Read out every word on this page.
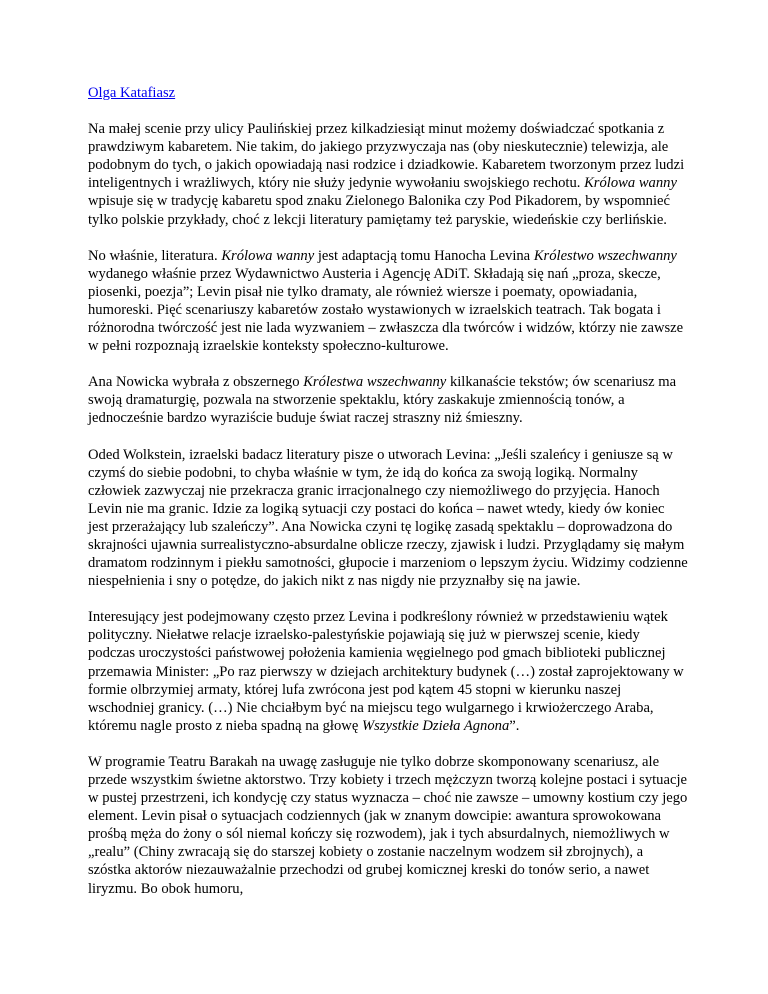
Olga Katafiasz

Na małej scenie przy ulicy Paulińskiej przez kilkadziesiąt minut możemy doświadczać spotkania z prawdziwym kabaretem. Nie takim, do jakiego przyzwyczaja nas (oby nieskutecznie) telewizja, ale podobnym do tych, o jakich opowiadają nasi rodzice i dziadkowie. Kabaretem tworzonym przez ludzi inteligentnych i wrażliwych, który nie służy jedynie wywołaniu swojskiego rechotu. Królowa wanny wpisuje się w tradycję kabaretu spod znaku Zielonego Balonika czy Pod Pikadorem, by wspomnieć tylko polskie przykłady, choć z lekcji literatury pamiętamy też paryskie, wiedeńskie czy berlińskie.

No właśnie, literatura. Królowa wanny jest adaptacją tomu Hanocha Levina Królestwo wszechwanny wydanego właśnie przez Wydawnictwo Austeria i Agencję ADiT. Składają się nań „proza, skecze, piosenki, poezja”; Levin pisał nie tylko dramaty, ale również wiersze i poematy, opowiadania, humoreski. Pięć scenariuszy kabaretów zostało wystawionych w izraelskich teatrach. Tak bogata i różnorodna twórczość jest nie lada wyzwaniem – zwłaszcza dla twórców i widzów, którzy nie zawsze w pełni rozpoznają izraelskie konteksty społeczno-kulturowe.

Ana Nowicka wybrała z obszernego Królestwa wszechwanny kilkanaście tekstów; ów scenariusz ma swoją dramaturgię, pozwala na stworzenie spektaklu, który zaskakuje zmiennością tonów, a jednocześnie bardzo wyraziście buduje świat raczej straszny niż śmieszny.

Oded Wolkstein, izraelski badacz literatury pisze o utworach Levina: „Jeśli szaleńcy i geniusze są w czymś do siebie podobni, to chyba właśnie w tym, że idą do końca za swoją logiką. Normalny człowiek zazwyczaj nie przekracza granic irracjonalnego czy niemożliwego do przyjęcia. Hanoch Levin nie ma granic. Idzie za logiką sytuacji czy postaci do końca – nawet wtedy, kiedy ów koniec jest przerażający lub szaleńczy”. Ana Nowicka czyni tę logikę zasadą spektaklu – doprowadzona do skrajności ujawnia surrealistyczno-absurdalne oblicze rzeczy, zjawisk i ludzi. Przyglądamy się małym dramatom rodzinnym i piekłu samotności, głupocie i marzeniom o lepszym życiu. Widzimy codzienne niespełnienia i sny o potędze, do jakich nikt z nas nigdy nie przyznałby się na jawie.

Interesujący jest podejmowany często przez Levina i podkreślony również w przedstawieniu wątek polityczny. Niełatwe relacje izraelsko-palestyńskie pojawiają się już w pierwszej scenie, kiedy podczas uroczystości państwowej położenia kamienia węgielnego pod gmach biblioteki publicznej przemawia Minister: „Po raz pierwszy w dziejach architektury budynek (…) został zaprojektowany w formie olbrzymiej armaty, której lufa zwrócona jest pod kątem 45 stopni w kierunku naszej wschodniej granicy. (…) Nie chciałbym być na miejscu tego wulgarnego i krwiożerczego Araba, któremu nagle prosto z nieba spadną na głowę Wszystkie Dzieła Agnona”.

W programie Teatru Barakah na uwagę zasługuje nie tylko dobrze skomponowany scenariusz, ale przede wszystkim świetne aktorstwo. Trzy kobiety i trzech mężczyzn tworzą kolejne postaci i sytuacje w pustej przestrzeni, ich kondycję czy status wyznacza – choć nie zawsze – umowny kostium czy jego element. Levin pisał o sytuacjach codziennych (jak w znanym dowcipie: awantura sprowokowana prośbą męża do żony o sól niemal kończy się rozwodem), jak i tych absurdalnych, niemożliwych w „realu” (Chiny zwracają się do starszej kobiety o zostanie naczelnym wodzem sił zbrojnych), a szóstka aktorów niezauważalnie przechodzi od grubej komicznej kreski do tonów serio, a nawet liryzmu. Bo obok humoru,
